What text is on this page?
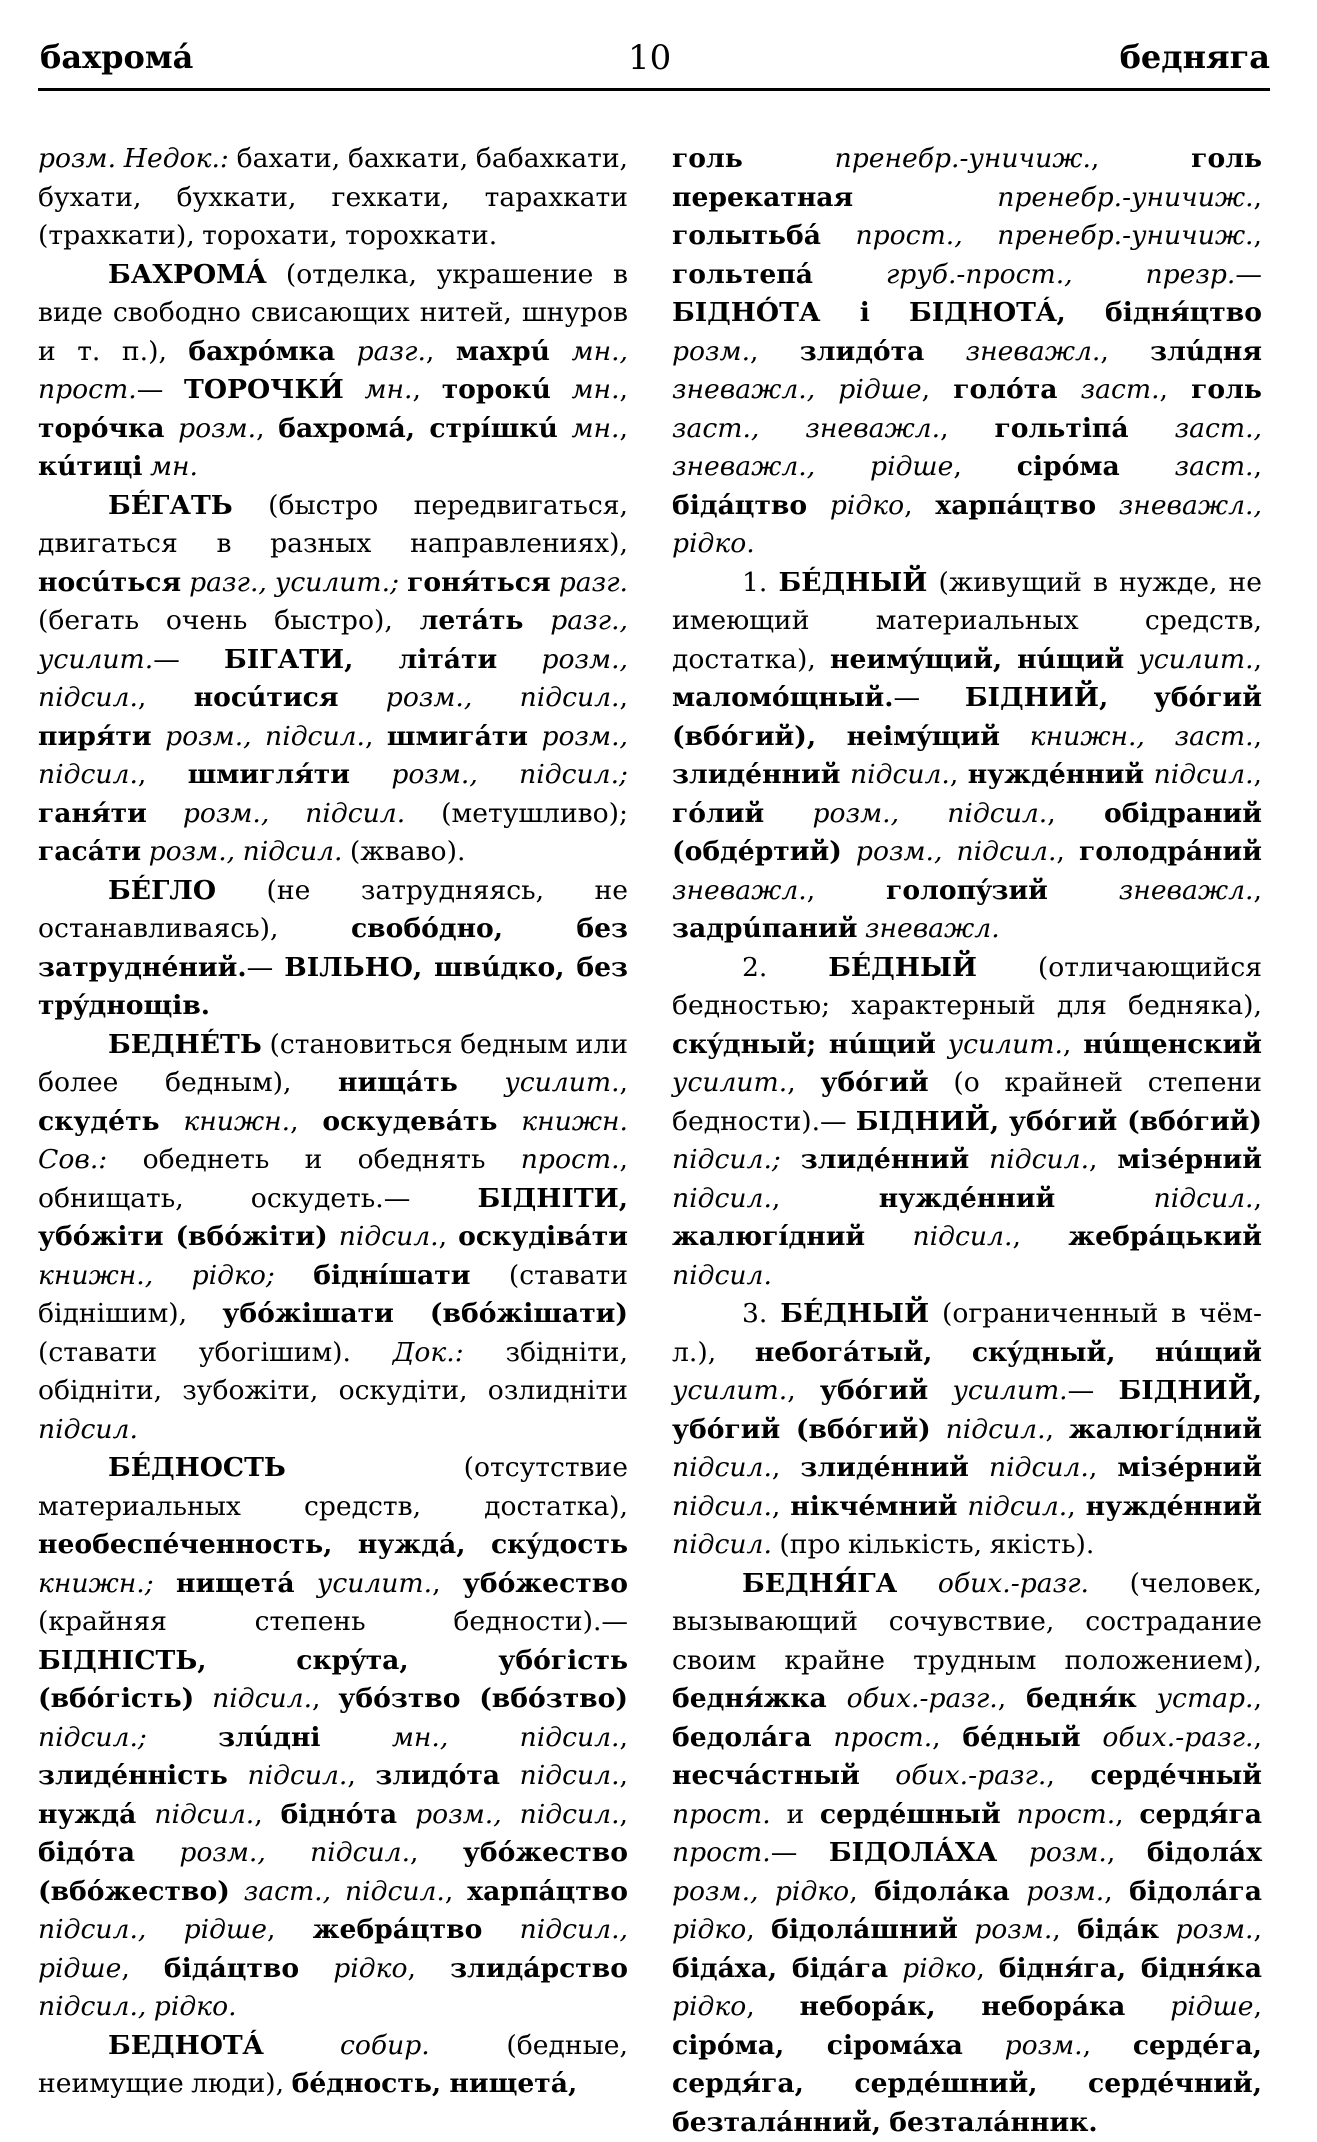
бахромá	10	беднягa

розм. Недок.: бахати, бахкати, бабахкати, бухати, бухкати, гехкати, тарахкати (трахкати), торохати, торохкати.

БАХРОМÁ (отделка, украшение в виде свободно свисающих нитей, шнуров и т. п.), бахрóмка разг., махрú мн., прост.— ТОРОЧКИ́ мн., торокú мн., торóчка розм., бахромá, стрíшкú мн., кúтиці мн.

БÉГАТЬ (быстро передвигаться, двигаться в разных направлениях), носúться разг., усилит.; гоня́ться разг. (бегать очень быстро), летáть разг., усилит.— БІГАТИ, літáти розм., підсил., носúтися розм., підсил., пиря́ти розм., підсил., шмигáти розм., підсил., шмигля́ти розм., підсил.; ганя́ти розм., підсил. (метушливо); гасáти розм., підсил. (жваво).

БÉГЛО (не затрудняясь, не останавливаясь), свобóдно, без затруднéний.— ВІЛЬНО, швúдко, без трýднощів.

БЕДНÉТЬ (становиться бедным или более бедным), нищáть усилит., скудéть книжн., оскудевáть книжн. Сов.: обеднеть и обеднять прост., обнищать, оскудеть.— БІДНІТИ, убóжіти (вбóжіти) підсил., оскудівáти книжн., рідко; біднíшати (ставати біднішим), убóжішати (вбóжішати) (ставати убогішим). Док.: збідніти, обідніти, зубожіти, оскудіти, озлидніти підсил.

БÉДНОСТЬ (отсутствие материальных средств, достатка), необеспéченность, нуждá, скýдость книжн.; нищетá усилит., убóжество (крайняя степень бедности).— БІДНІСТЬ, скрýта, убóгість (вбóгість) підсил., убóзтво (вбóзтво) підсил.;	злúдні	мн., підсил., злидéнність підсил., злидóта підсил., нуждá підсил., біднóта розм., підсил., бідóта розм., підсил., убóжество (вбóжество) заст., підсил., харпáцтво підсил., рідше, жебрáцтво підсил., рідше, бідáцтво рідко, злидáрство підсил., рідко.

БЕДНОТÁ	собир. (бедные, неимущие люди), бéдность, нищетá,

голь	пренебр.-уничиж., голь перекатная	пренебр.-уничиж., голытьбá прост., пренебр.-уничиж., гольтепá	груб.-прост., презр.— БІДНÓТА і БІДНОТÁ, бідня́цтво розм., злидóта зневажл., злúдня зневажл., рідше, голóта заст., голь заст., зневажл., гольтіпá заст., зневажл., рідше, сірóма заст., бідáцтво рідко, харпáцтво зневажл., рідко.

1. БÉДНЫЙ (живущий в нужде, не имеющий материальных средств, достатка), неимýщий, нúщий усилит., маломóщный.— БІДНИЙ, убóгий (вбóгий), неімýщий книжн., заст., злидéнний підсил., нуждéнний підсил., гóлий розм., підсил., обідраний (обдéртий) розм., підсил., голодрáний зневажл., голопýзий	зневажл., задрúпаний зневажл.

2. БÉДНЫЙ (отличающийся бедностью; характерный для бедняка), скýдный; нúщий усилит., нúщенский усилит., убóгий (о крайней степени бедности).— БІДНИЙ, убóгий (вбóгий) підсил.; злидéнний підсил., мізéрний підсил., нуждéнний	підсил., жалюгíдний підсил., жебрáцький підсил.

3. БÉДНЫЙ (ограниченный в чём-л.), небогáтый, скýдный, нúщий усилит., убóгий усилит.— БІДНИЙ, убóгий (вбóгий) підсил., жалюгíдний підсил., злидéнний підсил., мізéрний підсил., нікчéмний підсил., нуждéнний підсил. (про кількість, якість).

БЕДНЯ́ГА обих.-разг. (человек, вызывающий сочувствие, сострадание своим крайне трудным положением), бедня́жка обих.-разг., бедня́к устар., бедолáга прост., бéдный обих.-разг., несчáстный обих.-разг., сердéчный прост. и сердéшный прост., сердя́га прост.— БІДОЛÁХА розм., бідолáх розм., рідко, бідолáка розм., бідолáга рідко, бідолáшний розм., бідáк розм., бідáха, бідáга рідко, бідня́га, бідня́ка рідко, неборáк, неборáка рідше, сірóма, сіромáха розм., сердéга, сердя́га, сердéшний, сердéчний, безталáнний, безталáнник.
